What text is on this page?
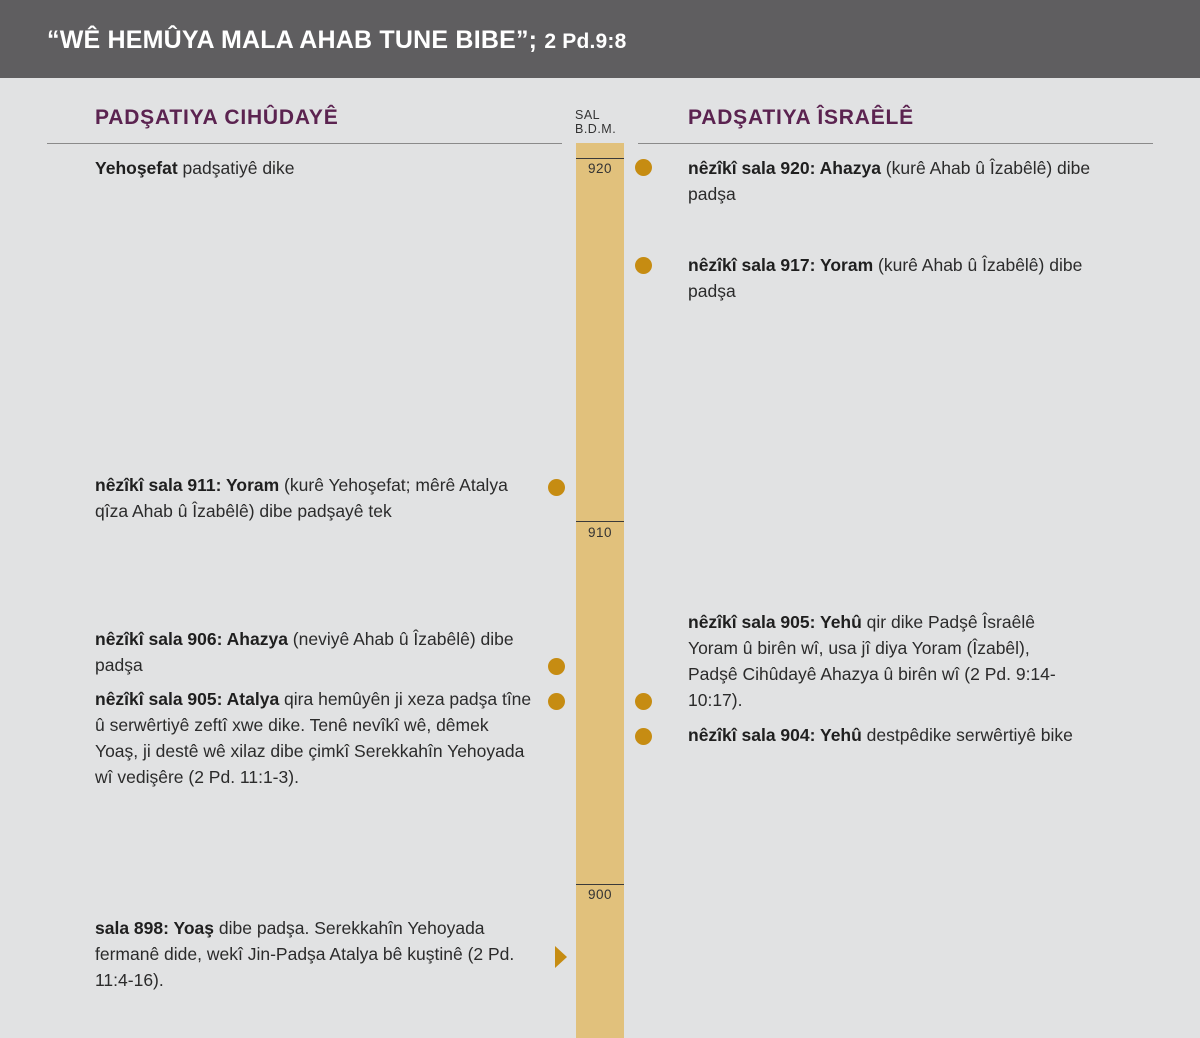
“WÊ HEMÛYA MALA AHAB TUNE BIBE”; 2 Pd.9:8
PADŞATIYA CIHÛDAYÊ	SAL
B.D.M.	PADŞATIYA ÎSRAÊLÊ
920
910
900
Yehoşefat padşatiyê dike
nêzîkî sala 911: Yoram (kurê Yehoşefat; mêrê Atalya qîza Ahab û Îzabêlê) dibe padşayê tek
nêzîkî sala 906: Ahazya (neviyê Ahab û Îzabêlê) dibe padşa
nêzîkî sala 905: Atalya qira hemûyên ji xeza padşa tîne û serwêrtiyê zeftî xwe dike. Tenê nevîkî wê, dêmek Yoaş, ji destê wê xilaz dibe çimkî Serekkahîn Yehoyada wî vedişêre (2 Pd. 11:1-3).
sala 898: Yoaş dibe padşa. Serekkahîn Yehoyada fermanê dide, wekî Jin-Padşa Atalya bê kuştinê (2 Pd. 11:4-16).
nêzîkî sala 920: Ahazya (kurê Ahab û Îzabêlê) dibe padşa
nêzîkî sala 917: Yoram (kurê Ahab û Îzabêlê) dibe padşa
nêzîkî sala 905: Yehû qir dike Padşê Îsraêlê Yoram û birên wî, usa jî diya Yoram (Îzabêl), Padşê Cihûdayê Ahazya û birên wî (2 Pd. 9:14-10:17).
nêzîkî sala 904: Yehû destpêdike serwêrtiyê bike
